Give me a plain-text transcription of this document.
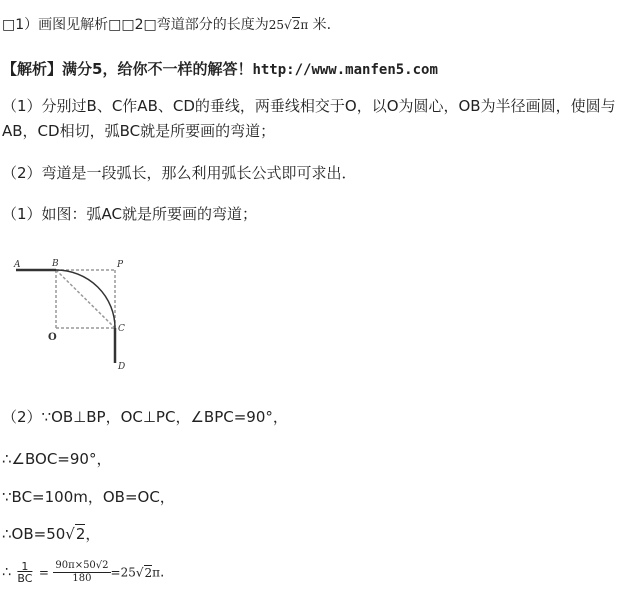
□1）画图见解析□□2□弯道部分的长度为25√2π 米.
【解析】满分5，给你不一样的解答！http://www.manfen5.com
（1）分别过B、C作AB、CD的垂线，两垂线相交于O，以O为圆心，OB为半径画圆，使圆与
AB，CD相切，弧BC就是所要画的弯道；
（2）弯道是一段弧长，那么利用弧长公式即可求出．
（1）如图：弧AC就是所要画的弯道；
A	B	P
O
C
D
（2）∵OB⊥BP，OC⊥PC，∠BPC=90°，
∴∠BOC=90°，
∵BC=100m，OB=OC，
∴OB=50√2，
∴ $\frac{1}{BC} = \frac{90\pi\times 50√2}{180} =25√2\pi$.
